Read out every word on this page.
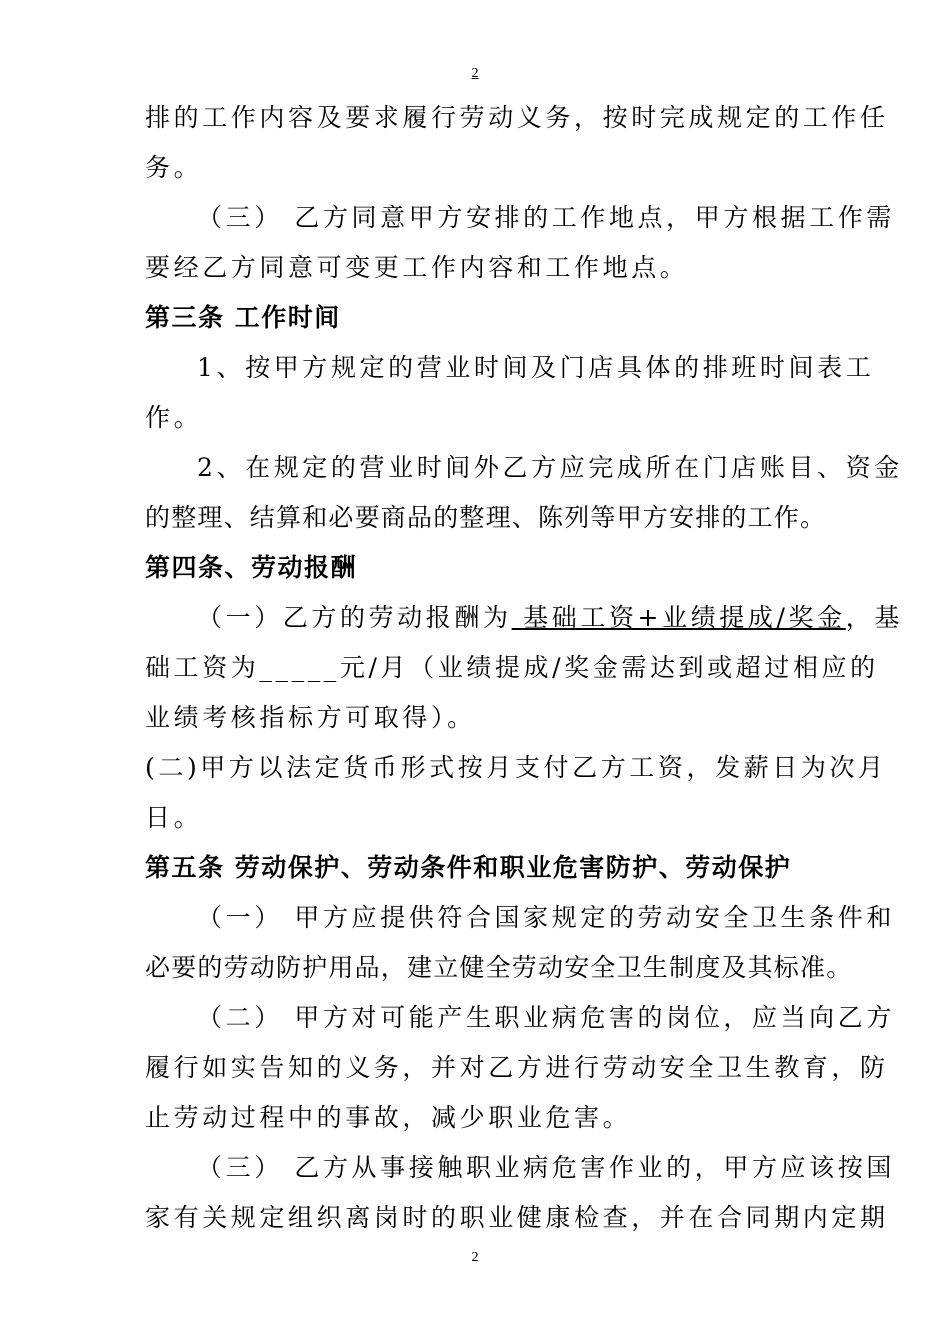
2
排的工作内容及要求履行劳动义务，按时完成规定的工作任
务。
（三） 乙方同意甲方安排的工作地点，甲方根据工作需
要经乙方同意可变更工作内容和工作地点。
第三条 工作时间
1、按甲方规定的营业时间及门店具体的排班时间表工
作。
2、在规定的营业时间外乙方应完成所在门店账目、资金
的整理、结算和必要商品的整理、陈列等甲方安排的工作。
第四条、劳动报酬
（一）乙方的劳动报酬为 基础工资+业绩提成/奖金，基
础工资为_____元/月（业绩提成/奖金需达到或超过相应的
业绩考核指标方可取得）。
(二)甲方以法定货币形式按月支付乙方工资，发薪日为次月
日。
第五条 劳动保护、劳动条件和职业危害防护、劳动保护
（一） 甲方应提供符合国家规定的劳动安全卫生条件和
必要的劳动防护用品，建立健全劳动安全卫生制度及其标准。
（二） 甲方对可能产生职业病危害的岗位，应当向乙方
履行如实告知的义务，并对乙方进行劳动安全卫生教育，防
止劳动过程中的事故，减少职业危害。
（三） 乙方从事接触职业病危害作业的，甲方应该按国
家有关规定组织离岗时的职业健康检查，并在合同期内定期
2
